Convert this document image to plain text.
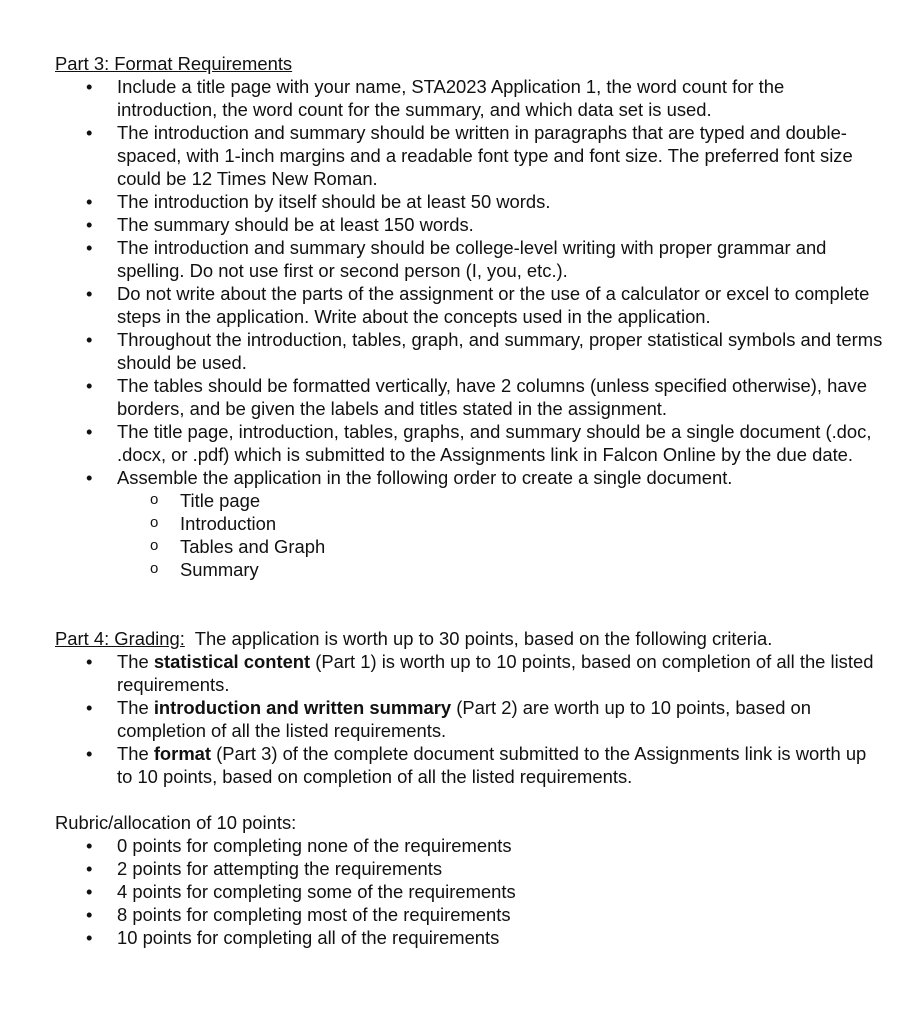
Part 3: Format Requirements
• Include a title page with your name, STA2023 Application 1, the word count for the introduction, the word count for the summary, and which data set is used.
• The introduction and summary should be written in paragraphs that are typed and double-spaced, with 1-inch margins and a readable font type and font size. The preferred font size could be 12 Times New Roman.
• The introduction by itself should be at least 50 words.
• The summary should be at least 150 words.
• The introduction and summary should be college-level writing with proper grammar and spelling. Do not use first or second person (I, you, etc.).
• Do not write about the parts of the assignment or the use of a calculator or excel to complete steps in the application. Write about the concepts used in the application.
• Throughout the introduction, tables, graph, and summary, proper statistical symbols and terms should be used.
• The tables should be formatted vertically, have 2 columns (unless specified otherwise), have borders, and be given the labels and titles stated in the assignment.
• The title page, introduction, tables, graphs, and summary should be a single document (.doc, .docx, or .pdf) which is submitted to the Assignments link in Falcon Online by the due date.
• Assemble the application in the following order to create a single document.
o Title page
o Introduction
o Tables and Graph
o Summary
Part 4: Grading:  The application is worth up to 30 points, based on the following criteria.
• The statistical content (Part 1) is worth up to 10 points, based on completion of all the listed requirements.
• The introduction and written summary (Part 2) are worth up to 10 points, based on completion of all the listed requirements.
• The format (Part 3) of the complete document submitted to the Assignments link is worth up to 10 points, based on completion of all the listed requirements.
Rubric/allocation of 10 points:
• 0 points for completing none of the requirements
• 2 points for attempting the requirements
• 4 points for completing some of the requirements
• 8 points for completing most of the requirements
• 10 points for completing all of the requirements
